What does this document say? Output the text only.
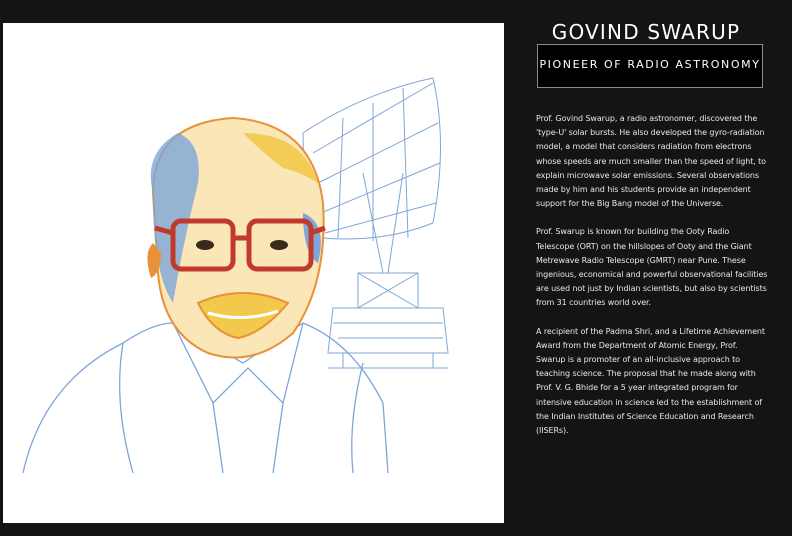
GOVIND SWARUP
PIONEER OF RADIO ASTRONOMY

Prof. Govind Swarup, a radio astronomer, discovered the 'type-U' solar bursts. He also developed the gyro-radiation model, a model that considers radiation from electrons whose speeds are much smaller than the speed of light, to explain microwave solar emissions. Several observations made by him and his students provide an independent support for the Big Bang model of the Universe.

Prof. Swarup is known for building the Ooty Radio Telescope (ORT) on the hillslopes of Ooty and the Giant Metrewave Radio Telescope (GMRT) near Pune. These ingenious, economical and powerful observational facilities are used not just by Indian scientists, but also by scientists from 31 countries world over.

A recipient of the Padma Shri, and a Lifetime Achievement Award from the Department of Atomic Energy, Prof. Swarup is a promoter of an all-inclusive approach to teaching science. The proposal that he made along with Prof. V. G. Bhide for a 5 year integrated program for intensive education in science led to the establishment of the Indian Institutes of Science Education and Research (IISERs).
